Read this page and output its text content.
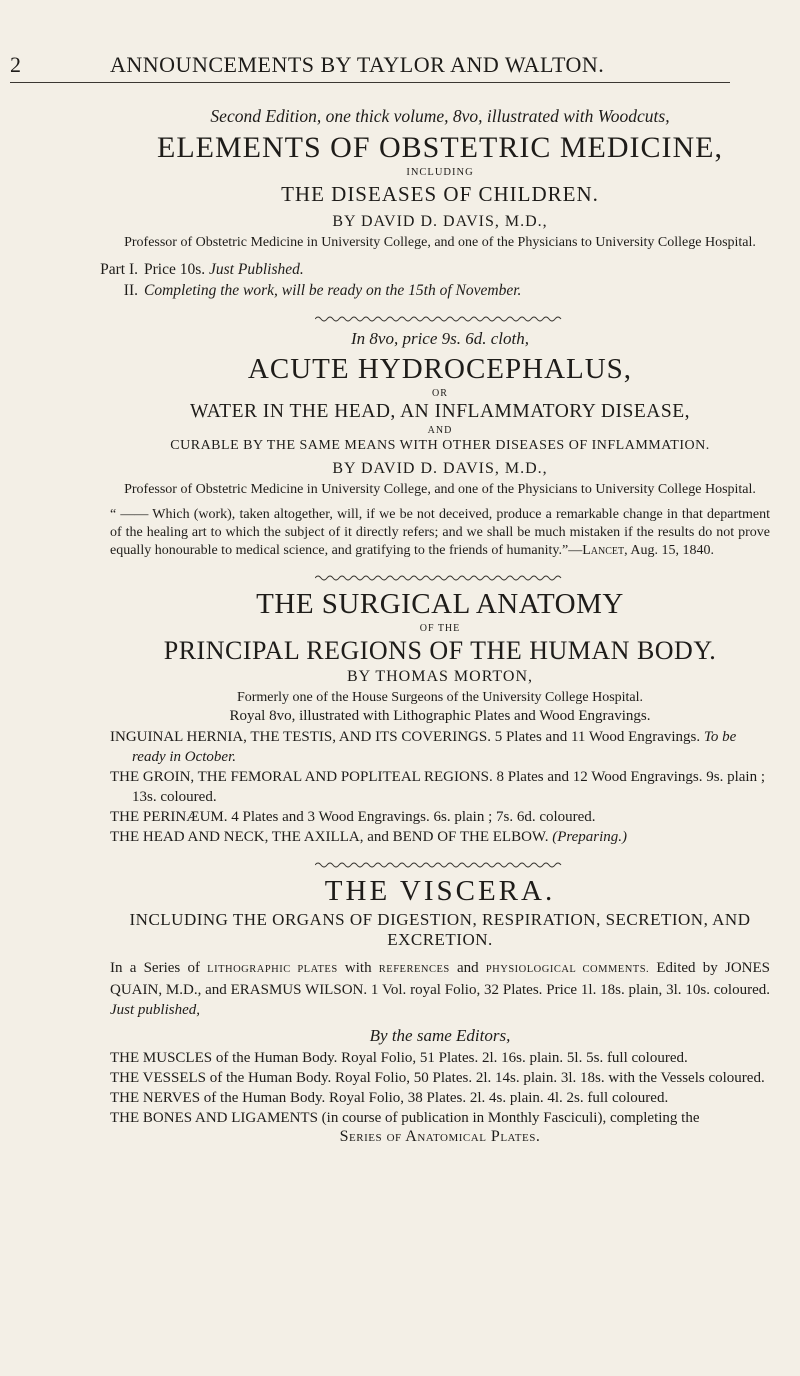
2	ANNOUNCEMENTS BY TAYLOR AND WALTON.
Second Edition, one thick volume, 8vo, illustrated with Woodcuts,
ELEMENTS OF OBSTETRIC MEDICINE,
INCLUDING
THE DISEASES OF CHILDREN.
BY DAVID D. DAVIS, M.D.,
Professor of Obstetric Medicine in University College, and one of the Physicians to University College Hospital.
Part I. Price 10s. Just Published.
II. Completing the work, will be ready on the 15th of November.
In 8vo, price 9s. 6d. cloth,
ACUTE HYDROCEPHALUS,
OR
WATER IN THE HEAD, AN INFLAMMATORY DISEASE,
AND
CURABLE BY THE SAME MEANS WITH OTHER DISEASES OF INFLAMMATION.
BY DAVID D. DAVIS, M.D.,
Professor of Obstetric Medicine in University College, and one of the Physicians to University College Hospital.
“ —— Which (work), taken altogether, will, if we be not deceived, produce a remarkable change in that department of the healing art to which the subject of it directly refers; and we shall be much mistaken if the results do not prove equally honourable to medical science, and gratifying to the friends of humanity.”—Lancet, Aug. 15, 1840.
THE SURGICAL ANATOMY
OF THE
PRINCIPAL REGIONS OF THE HUMAN BODY.
BY THOMAS MORTON,
Formerly one of the House Surgeons of the University College Hospital.
Royal 8vo, illustrated with Lithographic Plates and Wood Engravings.

INGUINAL HERNIA, THE TESTIS, AND ITS COVERINGS. 5 Plates and 11 Wood Engravings. To be ready in October.

THE GROIN, THE FEMORAL AND POPLITEAL REGIONS. 8 Plates and 12 Wood Engravings. 9s. plain ; 13s. coloured.

THE PERINÆUM. 4 Plates and 3 Wood Engravings. 6s. plain ; 7s. 6d. coloured.

THE HEAD AND NECK, THE AXILLA, and BEND OF THE ELBOW. (Preparing.)

THE VISCERA.
INCLUDING THE ORGANS OF DIGESTION, RESPIRATION, SECRETION, AND EXCRETION.
In a Series of LITHOGRAPHIC PLATES with REFERENCES and PHYSIOLOGICAL COMMENTS. Edited by JONES QUAIN, M.D., and ERASMUS WILSON. 1 Vol. royal Folio, 32 Plates. Price 1l. 18s. plain, 3l. 10s. coloured. Just published,
By the same Editors,

THE MUSCLES of the Human Body. Royal Folio, 51 Plates. 2l. 16s. plain. 5l. 5s. full coloured.

THE VESSELS of the Human Body. Royal Folio, 50 Plates. 2l. 14s. plain. 3l. 18s. with the Vessels coloured.

THE NERVES of the Human Body. Royal Folio, 38 Plates. 2l. 4s. plain. 4l. 2s. full coloured.

THE BONES AND LIGAMENTS (in course of publication in Monthly Fasciculi), completing the

Series of Anatomical Plates.
